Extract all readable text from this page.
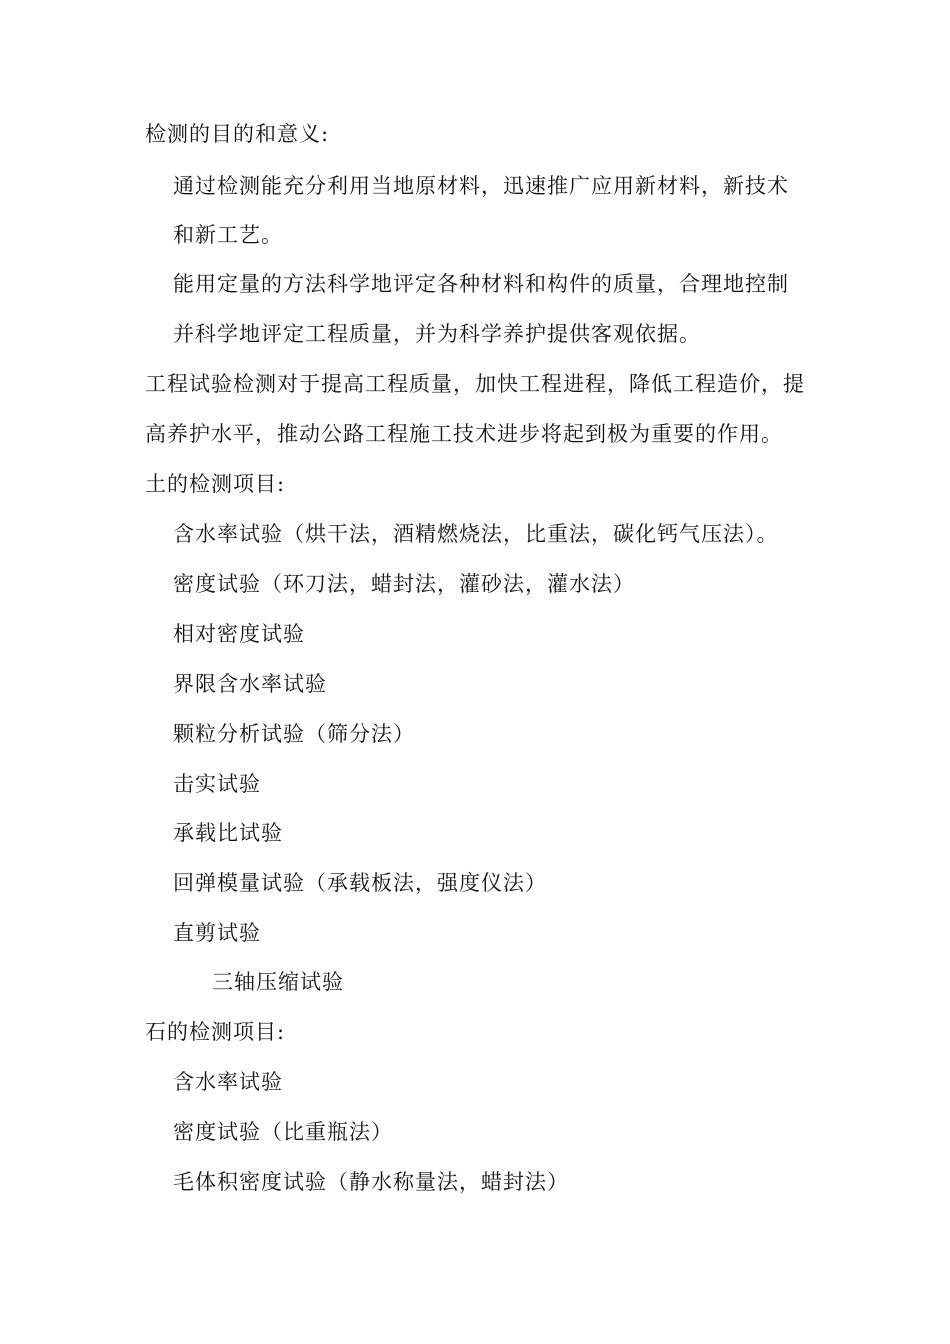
检测的目的和意义:
通过检测能充分利用当地原材料，迅速推广应用新材料，新技术
和新工艺。
能用定量的方法科学地评定各种材料和构件的质量，合理地控制
并科学地评定工程质量，并为科学养护提供客观依据。
工程试验检测对于提高工程质量，加快工程进程，降低工程造价，提
高养护水平，推动公路工程施工技术进步将起到极为重要的作用。
土的检测项目:
含水率试验（烘干法，酒精燃烧法，比重法，碳化钙气压法）。
密度试验（环刀法，蜡封法，灌砂法，灌水法）
相对密度试验
界限含水率试验
颗粒分析试验（筛分法）
击实试验
承载比试验
回弹模量试验（承载板法，强度仪法）
直剪试验
三轴压缩试验
石的检测项目:
含水率试验
密度试验（比重瓶法）
毛体积密度试验（静水称量法，蜡封法）
